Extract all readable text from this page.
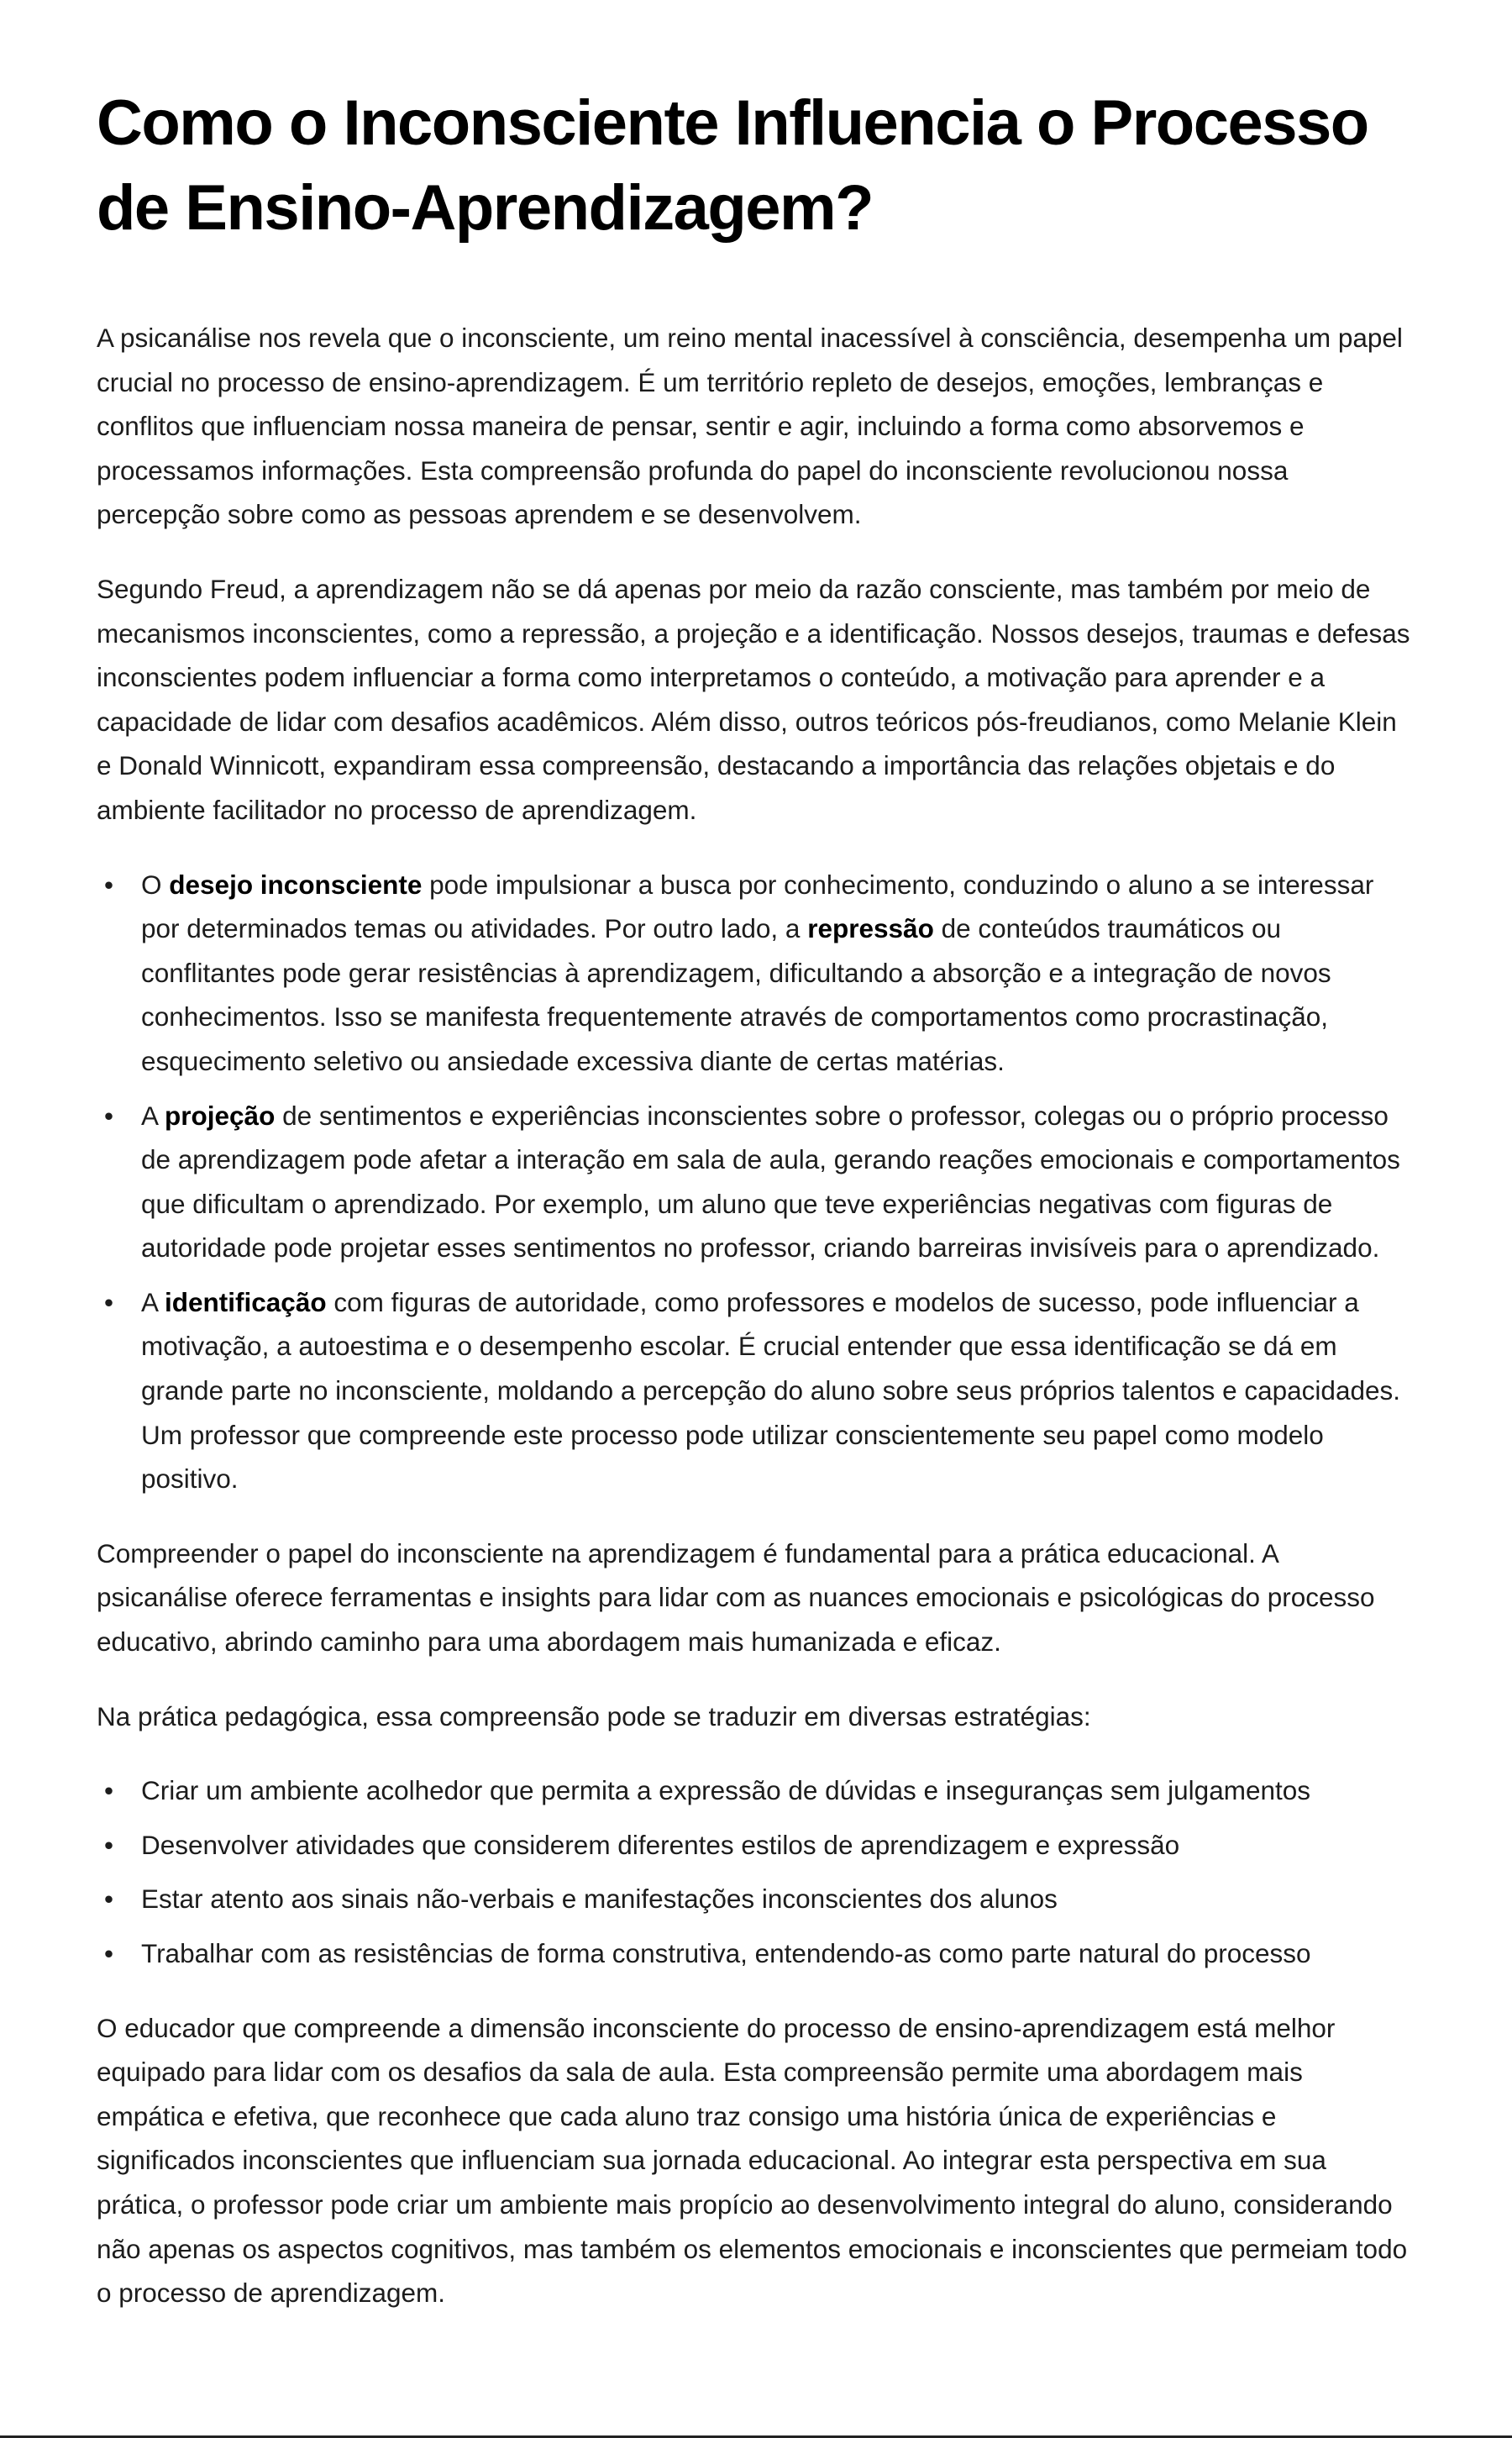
Como o Inconsciente Influencia o Processo de Ensino-Aprendizagem?

A psicanálise nos revela que o inconsciente, um reino mental inacessível à consciência, desempenha um papel crucial no processo de ensino-aprendizagem. É um território repleto de desejos, emoções, lembranças e conflitos que influenciam nossa maneira de pensar, sentir e agir, incluindo a forma como absorvemos e processamos informações. Esta compreensão profunda do papel do inconsciente revolucionou nossa percepção sobre como as pessoas aprendem e se desenvolvem.

Segundo Freud, a aprendizagem não se dá apenas por meio da razão consciente, mas também por meio de mecanismos inconscientes, como a repressão, a projeção e a identificação. Nossos desejos, traumas e defesas inconscientes podem influenciar a forma como interpretamos o conteúdo, a motivação para aprender e a capacidade de lidar com desafios acadêmicos. Além disso, outros teóricos pós-freudianos, como Melanie Klein e Donald Winnicott, expandiram essa compreensão, destacando a importância das relações objetais e do ambiente facilitador no processo de aprendizagem.

• O desejo inconsciente pode impulsionar a busca por conhecimento, conduzindo o aluno a se interessar por determinados temas ou atividades. Por outro lado, a repressão de conteúdos traumáticos ou conflitantes pode gerar resistências à aprendizagem, dificultando a absorção e a integração de novos conhecimentos. Isso se manifesta frequentemente através de comportamentos como procrastinação, esquecimento seletivo ou ansiedade excessiva diante de certas matérias.
• A projeção de sentimentos e experiências inconscientes sobre o professor, colegas ou o próprio processo de aprendizagem pode afetar a interação em sala de aula, gerando reações emocionais e comportamentos que dificultam o aprendizado. Por exemplo, um aluno que teve experiências negativas com figuras de autoridade pode projetar esses sentimentos no professor, criando barreiras invisíveis para o aprendizado.
• A identificação com figuras de autoridade, como professores e modelos de sucesso, pode influenciar a motivação, a autoestima e o desempenho escolar. É crucial entender que essa identificação se dá em grande parte no inconsciente, moldando a percepção do aluno sobre seus próprios talentos e capacidades. Um professor que compreende este processo pode utilizar conscientemente seu papel como modelo positivo.

Compreender o papel do inconsciente na aprendizagem é fundamental para a prática educacional. A psicanálise oferece ferramentas e insights para lidar com as nuances emocionais e psicológicas do processo educativo, abrindo caminho para uma abordagem mais humanizada e eficaz.

Na prática pedagógica, essa compreensão pode se traduzir em diversas estratégias:

• Criar um ambiente acolhedor que permita a expressão de dúvidas e inseguranças sem julgamentos
• Desenvolver atividades que considerem diferentes estilos de aprendizagem e expressão
• Estar atento aos sinais não-verbais e manifestações inconscientes dos alunos
• Trabalhar com as resistências de forma construtiva, entendendo-as como parte natural do processo

O educador que compreende a dimensão inconsciente do processo de ensino-aprendizagem está melhor equipado para lidar com os desafios da sala de aula. Esta compreensão permite uma abordagem mais empática e efetiva, que reconhece que cada aluno traz consigo uma história única de experiências e significados inconscientes que influenciam sua jornada educacional. Ao integrar esta perspectiva em sua prática, o professor pode criar um ambiente mais propício ao desenvolvimento integral do aluno, considerando não apenas os aspectos cognitivos, mas também os elementos emocionais e inconscientes que permeiam todo o processo de aprendizagem.
